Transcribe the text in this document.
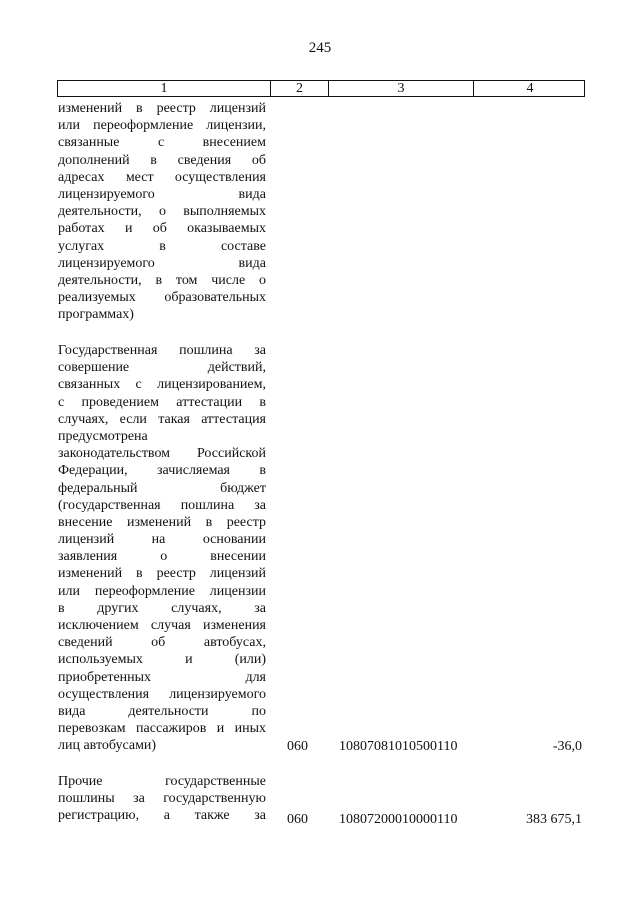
245
1	2	3	4
изменений в реестр лицензий
или переоформление лицензии,
связанные с внесением
дополнений в сведения об
адресах мест осуществления
лицензируемого вида
деятельности, о выполняемых
работах и об оказываемых
услугах в составе
лицензируемого вида
деятельности, в том числе о
реализуемых образовательных
программах)
Государственная пошлина за
совершение действий,
связанных с лицензированием,
с проведением аттестации в
случаях, если такая аттестация
предусмотрена
законодательством Российской
Федерации, зачисляемая в
федеральный бюджет
(государственная пошлина за
внесение изменений в реестр
лицензий на основании
заявления о внесении
изменений в реестр лицензий
или переоформление лицензии
в других случаях, за
исключением случая изменения
сведений об автобусах,
используемых и (или)
приобретенных для
осуществления лицензируемого
вида деятельности по
перевозкам пассажиров и иных
лиц автобусами)	060	10807081010500110	-36,0
Прочие государственные
пошлины за государственную
регистрацию, а также за 060	10807200010000110	383 675,1
